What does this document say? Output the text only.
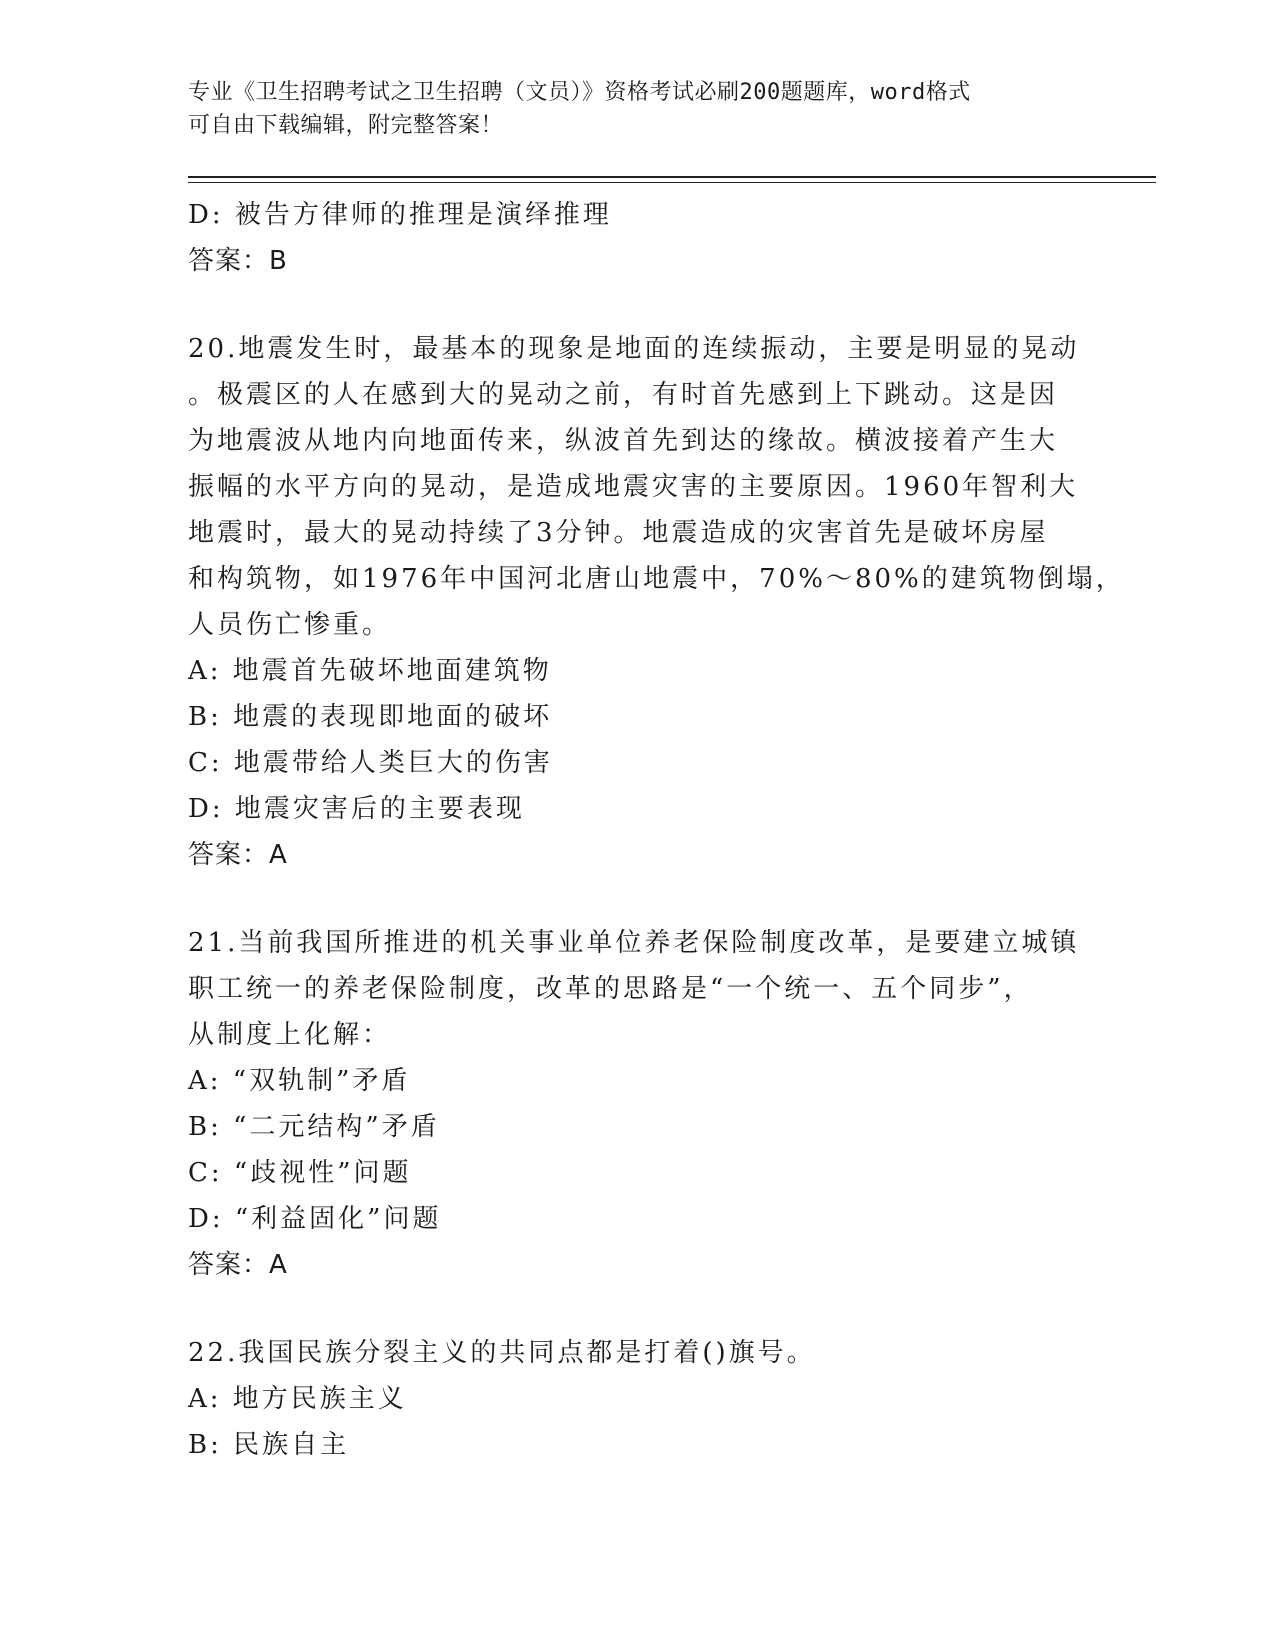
专业《卫生招聘考试之卫生招聘（文员）》资格考试必刷200题题库，word格式
可自由下载编辑，附完整答案！
D: 被告方律师的推理是演绎推理
答案：B
20.地震发生时，最基本的现象是地面的连续振动，主要是明显的晃动
。极震区的人在感到大的晃动之前，有时首先感到上下跳动。这是因
为地震波从地内向地面传来，纵波首先到达的缘故。横波接着产生大
振幅的水平方向的晃动，是造成地震灾害的主要原因。1960年智利大
地震时，最大的晃动持续了3分钟。地震造成的灾害首先是破坏房屋
和构筑物，如1976年中国河北唐山地震中，70%～80%的建筑物倒塌，
人员伤亡惨重。
A: 地震首先破坏地面建筑物
B: 地震的表现即地面的破坏
C: 地震带给人类巨大的伤害
D: 地震灾害后的主要表现
答案：A
21.当前我国所推进的机关事业单位养老保险制度改革，是要建立城镇
职工统一的养老保险制度，改革的思路是“一个统一、五个同步”，
从制度上化解：
A: “双轨制”矛盾
B: “二元结构”矛盾
C: “歧视性”问题
D: “利益固化”问题
答案：A
22.我国民族分裂主义的共同点都是打着()旗号。
A: 地方民族主义
B: 民族自主
